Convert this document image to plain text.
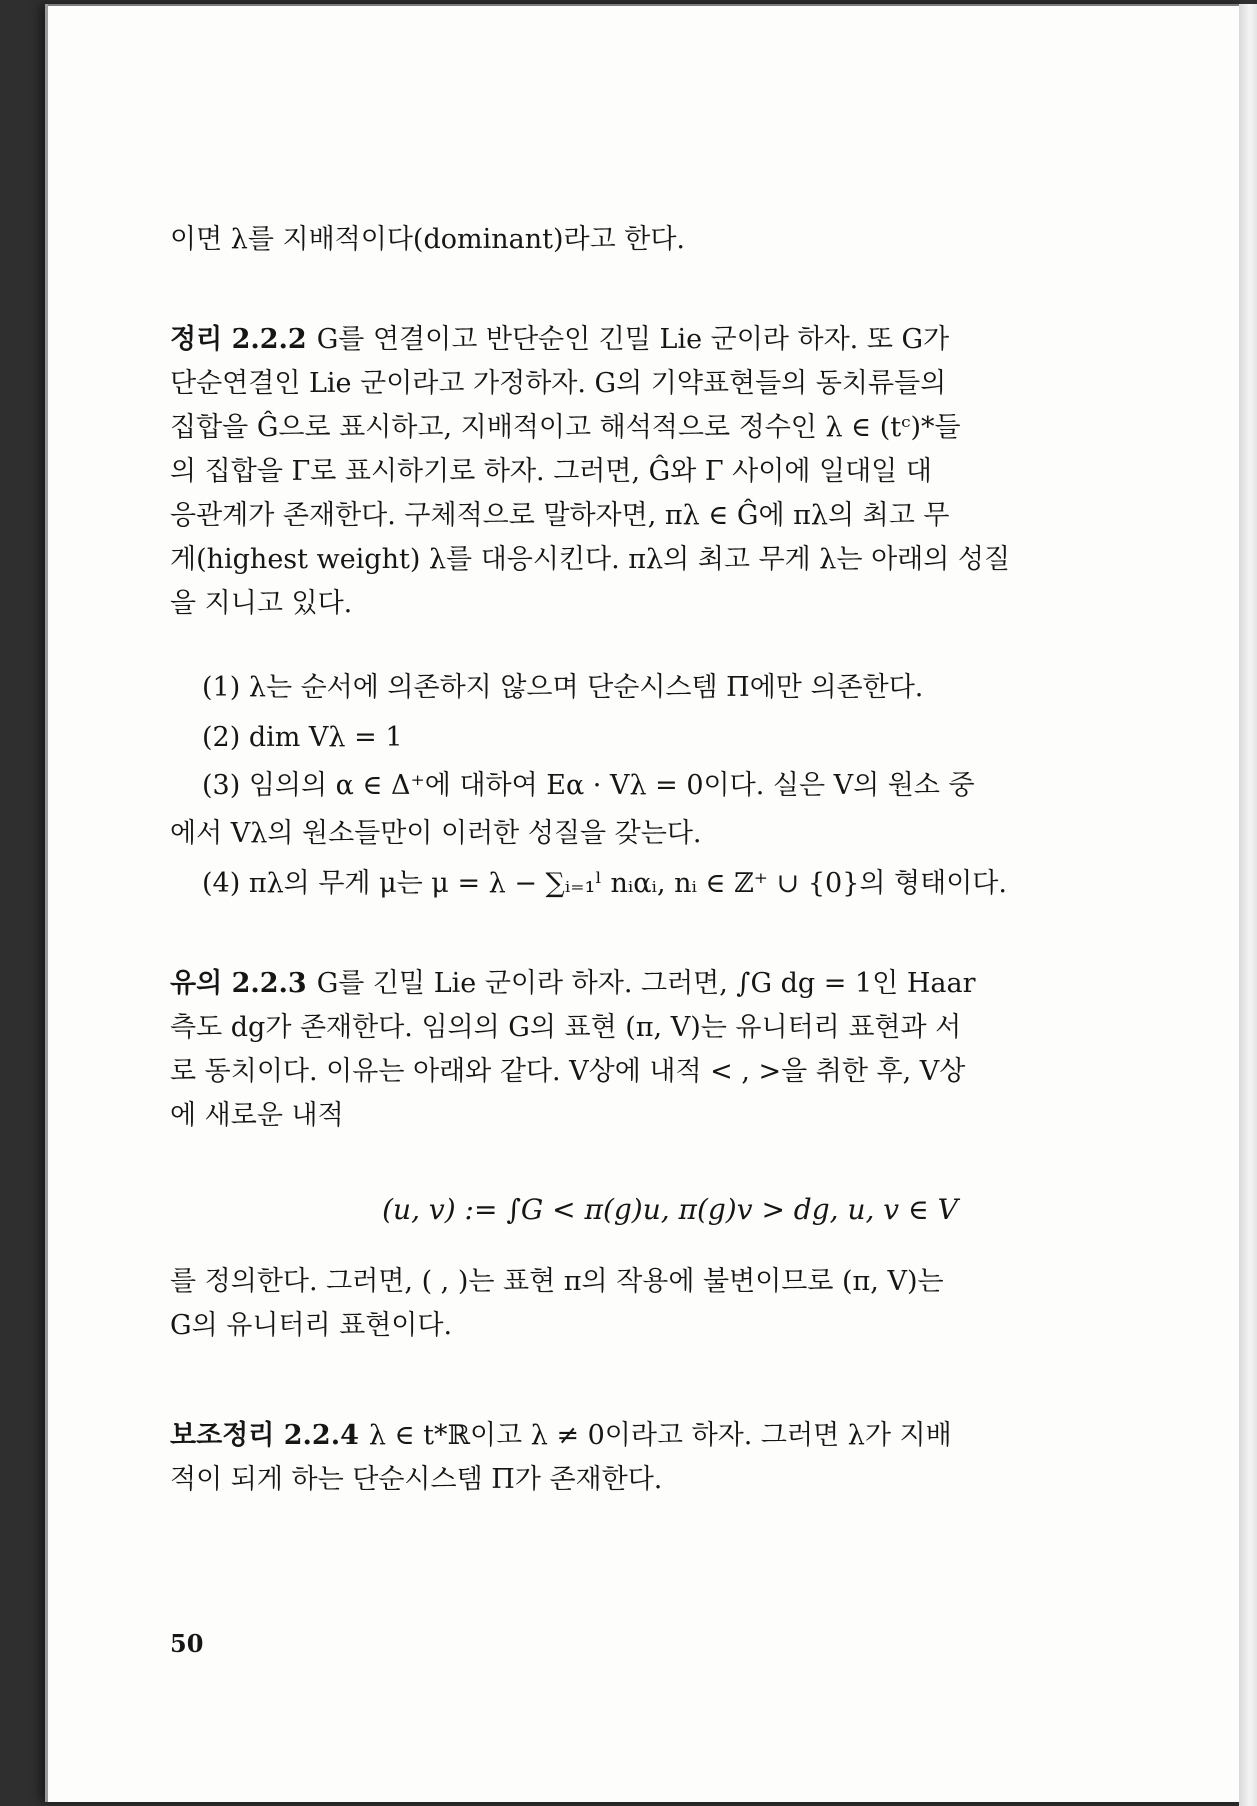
이면 λ를 지배적이다(dominant)라고 한다.

정리 2.2.2 G를 연결이고 반단순인 긴밀 Lie 군이라 하자. 또 G가
단순연결인 Lie 군이라고 가정하자. G의 기약표현들의 동치류들의
집합을 Ĝ으로 표시하고, 지배적이고 해석적으로 정수인 λ ∈ (tᶜ)*들
의 집합을 Γ로 표시하기로 하자. 그러면, Ĝ와 Γ 사이에 일대일 대
응관계가 존재한다. 구체적으로 말하자면, πλ ∈ Ĝ에 πλ의 최고 무
게(highest weight) λ를 대응시킨다. πλ의 최고 무게 λ는 아래의 성질
을 지니고 있다.

(1) λ는 순서에 의존하지 않으며 단순시스템 Π에만 의존한다.

(2) dim Vλ = 1

(3) 임의의 α ∈ Δ⁺에 대하여 Eα · Vλ = 0이다. 실은 V의 원소 중

에서 Vλ의 원소들만이 이러한 성질을 갖는다.

(4) πλ의 무게 μ는 μ = λ − ∑ᵢ₌₁ˡ nᵢαᵢ, nᵢ ∈ ℤ⁺ ∪ {0}의 형태이다.

유의 2.2.3 G를 긴밀 Lie 군이라 하자. 그러면, ∫G dg = 1인 Haar
측도 dg가 존재한다. 임의의 G의 표현 (π, V)는 유니터리 표현과 서
로 동치이다. 이유는 아래와 같다. V상에 내적 < , >을 취한 후, V상
에 새로운 내적

(u, v) := ∫G < π(g)u, π(g)v > dg, u, v ∈ V

를 정의한다. 그러면, ( , )는 표현 π의 작용에 불변이므로 (π, V)는
G의 유니터리 표현이다.

보조정리 2.2.4 λ ∈ t*ℝ이고 λ ≠ 0이라고 하자. 그러면 λ가 지배
적이 되게 하는 단순시스템 Π가 존재한다.

50
